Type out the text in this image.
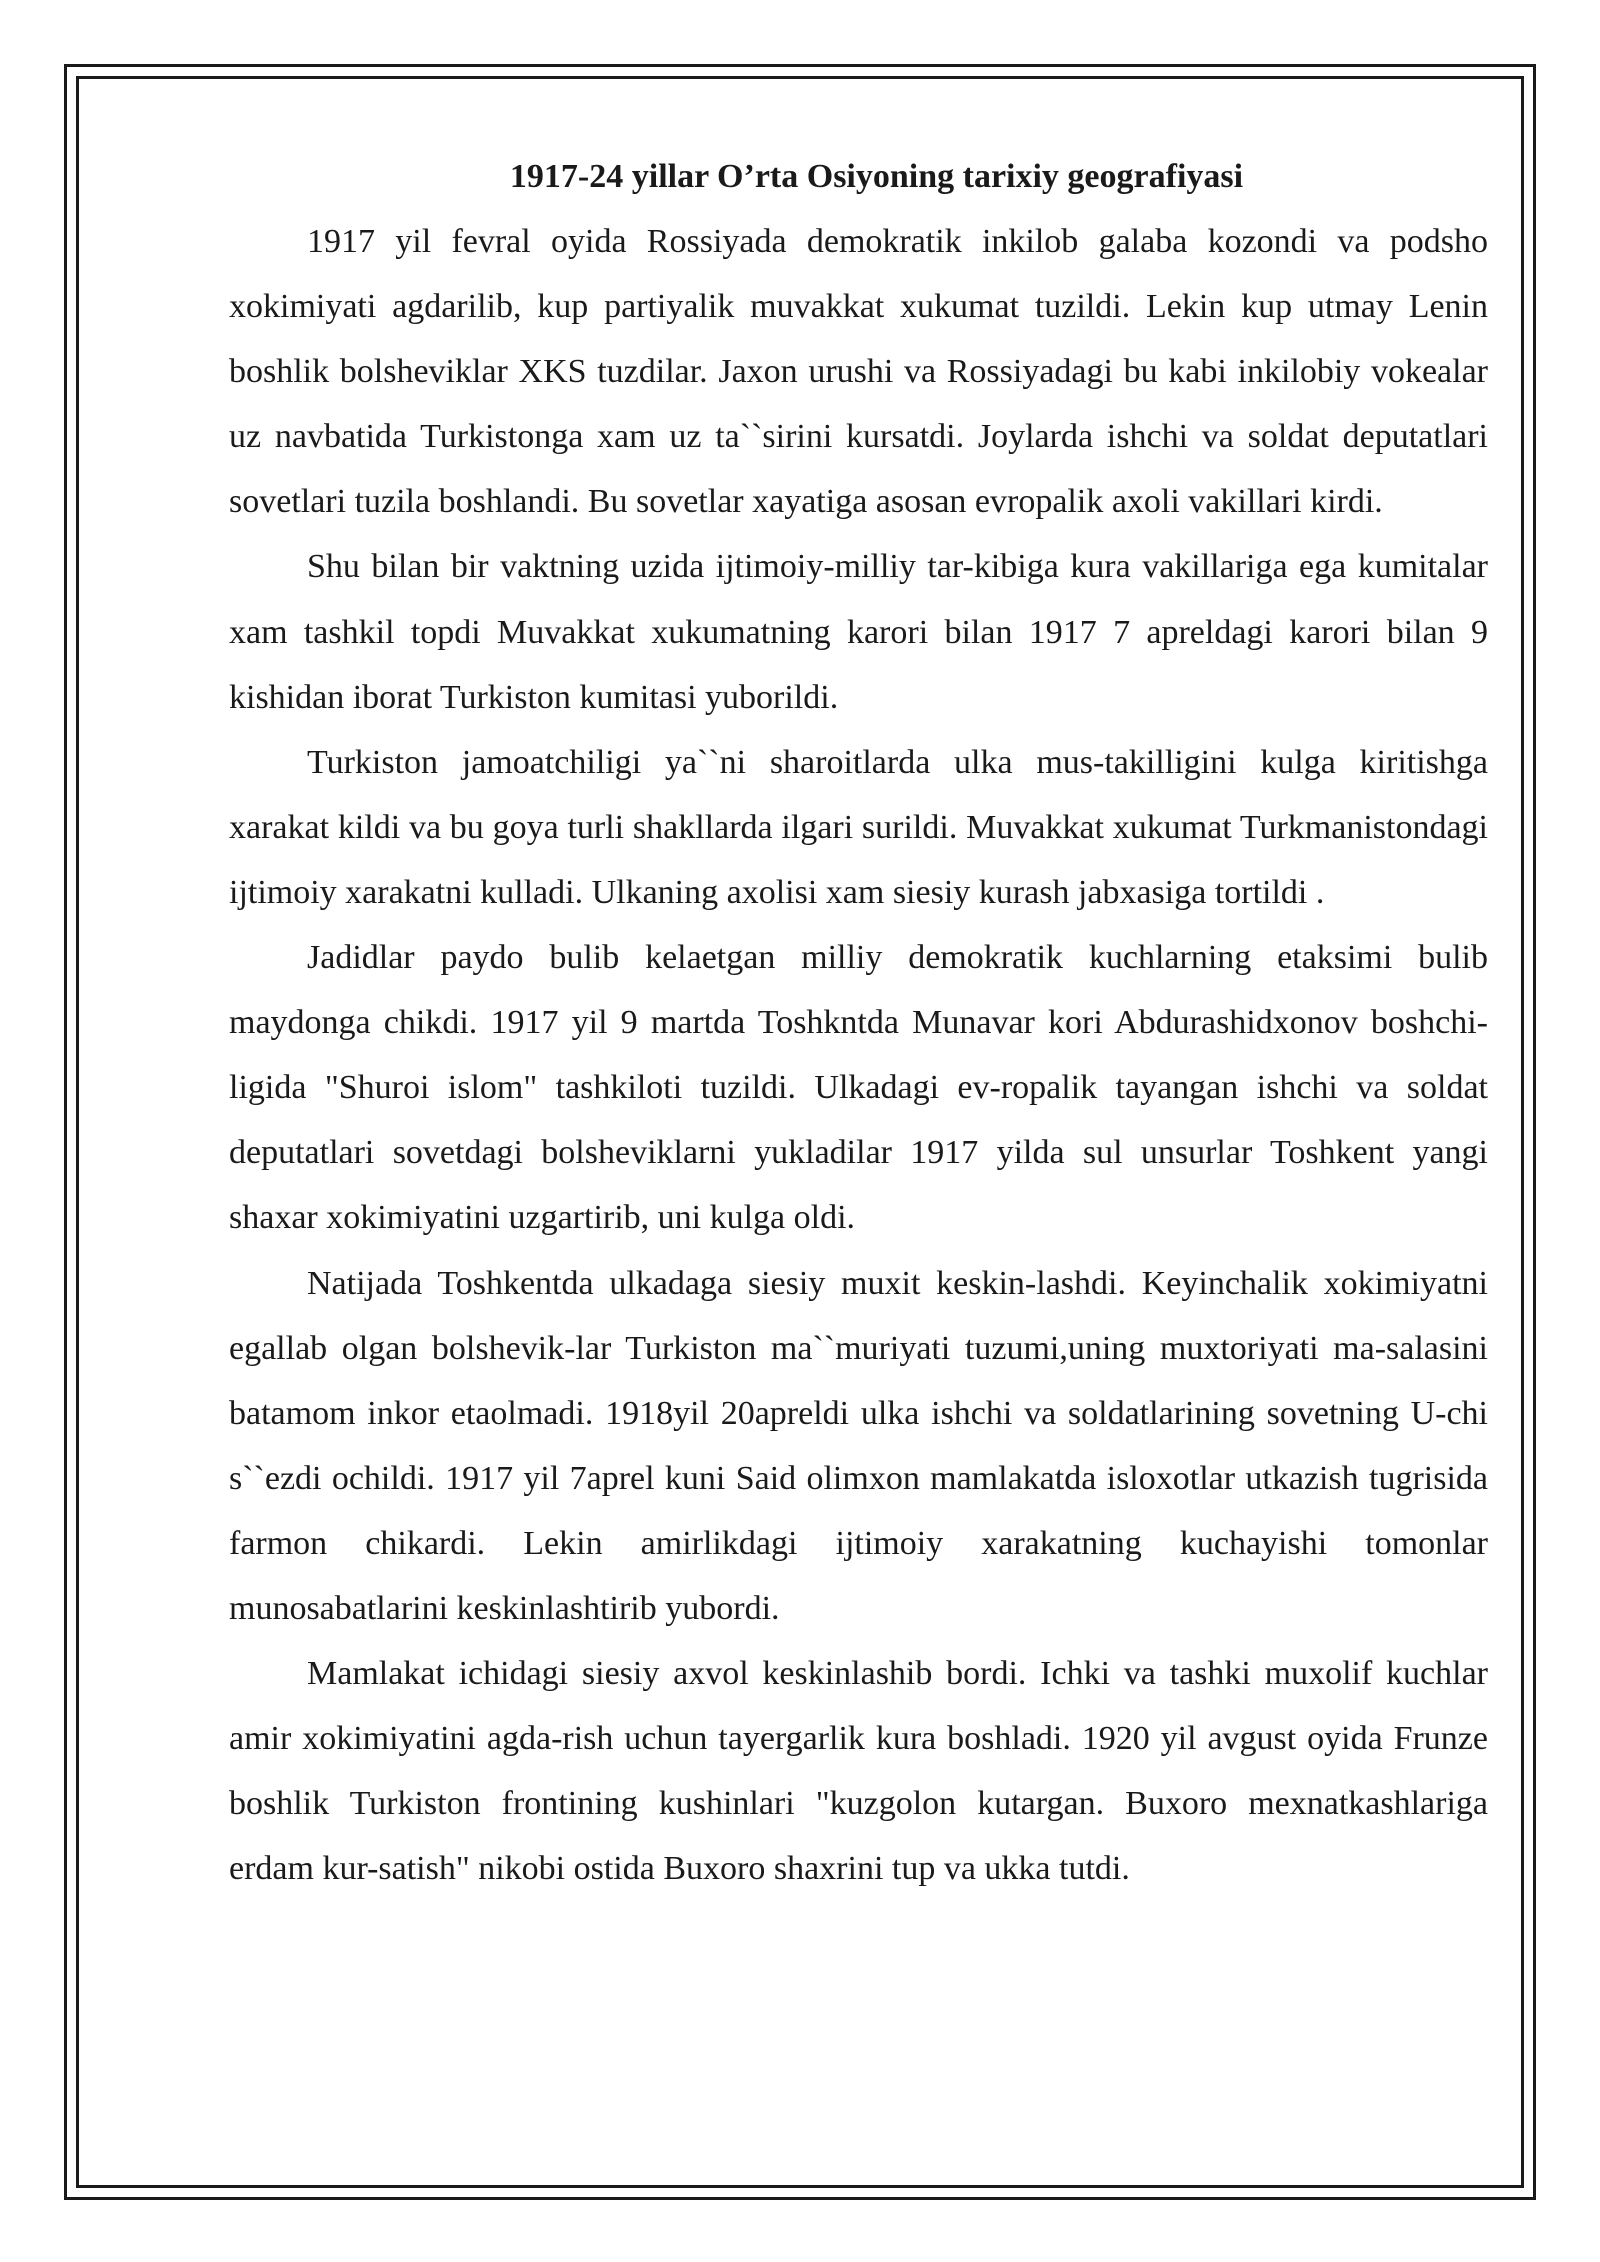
1917-24 yillar O’rta Osiyoning tarixiy geografiyasi

1917 yil fevral oyida Rossiyada demokratik inkilob galaba kozondi va podsho xokimiyati agdarilib, kup partiyalik muvakkat xukumat tuzildi. Lekin kup utmay Lenin boshlik bolsheviklar XKS tuzdilar. Jaxon urushi va Rossiyadagi bu kabi inkilobiy vokealar uz navbatida Turkistonga xam uz ta``sirini kursatdi. Joylarda ishchi va soldat deputatlari sovetlari tuzila boshlandi. Bu sovetlar xayatiga asosan evropalik axoli vakillari kirdi.

Shu bilan bir vaktning uzida ijtimoiy-milliy tar-kibiga kura vakillariga ega kumitalar xam tashkil topdi Muvakkat xukumatning karori bilan 1917 7 apreldagi karori bilan 9 kishidan iborat Turkiston kumitasi yuborildi.

Turkiston jamoatchiligi ya``ni sharoitlarda ulka mus-takilligini kulga kiritishga xarakat kildi va bu goya turli shakllarda ilgari surildi. Muvakkat xukumat Turkmanistondagi ijtimoiy xarakatni kulladi. Ulkaning axolisi xam siesiy kurash jabxasiga tortildi .

Jadidlar paydo bulib kelaetgan milliy demokratik kuchlarning etaksimi bulib maydonga chikdi. 1917 yil 9 martda Toshkntda Munavar kori Abdurashidxonov boshchi-ligida "Shuroi islom" tashkiloti tuzildi. Ulkadagi ev-ropalik tayangan ishchi va soldat deputatlari sovetdagi bolsheviklarni yukladilar 1917 yilda sul unsurlar Toshkent yangi shaxar xokimiyatini uzgartirib, uni kulga oldi.

Natijada Toshkentda ulkadaga siesiy muxit keskin-lashdi. Keyinchalik xokimiyatni egallab olgan bolshevik-lar Turkiston ma``muriyati tuzumi,uning muxtoriyati ma-salasini batamom inkor etaolmadi. 1918yil 20apreldi ulka ishchi va soldatlarining sovetning U-chi s``ezdi ochildi. 1917 yil 7aprel kuni Said olimxon mamlakatda isloxotlar utkazish tugrisida farmon chikardi. Lekin amirlikdagi ijtimoiy xarakatning kuchayishi tomonlar munosabatlarini keskinlashtirib yubordi.

Mamlakat ichidagi siesiy axvol keskinlashib bordi. Ichki va tashki muxolif kuchlar amir xokimiyatini agda-rish uchun tayergarlik kura boshladi. 1920 yil avgust oyida Frunze boshlik Turkiston frontining kushinlari "kuzgolon kutargan. Buxoro mexnatkashlariga erdam kur-satish" nikobi ostida Buxoro shaxrini tup va ukka tutdi.
